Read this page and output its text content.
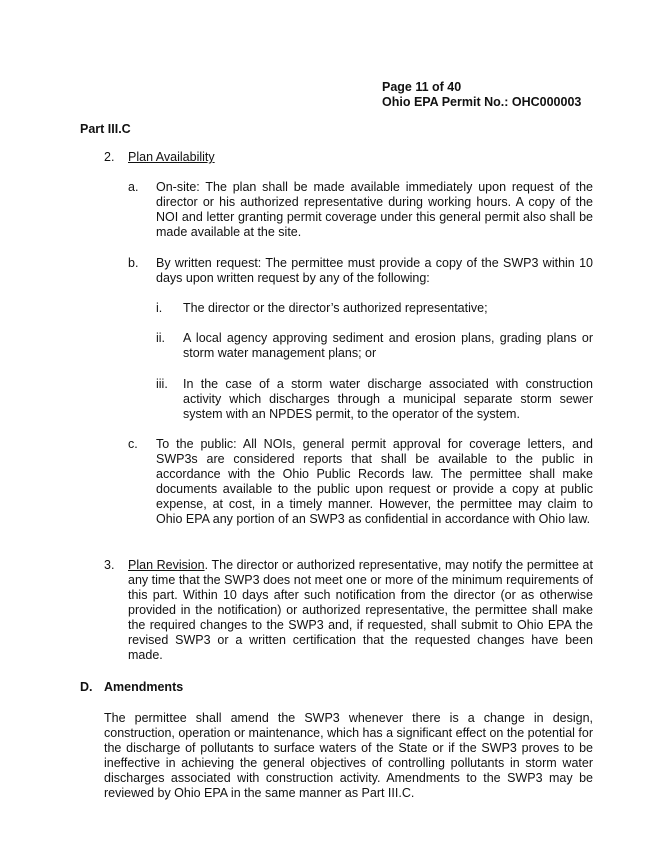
Page 11 of 40
Ohio EPA Permit No.: OHC000003
Part III.C
2. Plan Availability
a. On-site: The plan shall be made available immediately upon request of the director or his authorized representative during working hours. A copy of the NOI and letter granting permit coverage under this general permit also shall be made available at the site.
b. By written request: The permittee must provide a copy of the SWP3 within 10 days upon written request by any of the following:
i. The director or the director’s authorized representative;
ii. A local agency approving sediment and erosion plans, grading plans or storm water management plans; or
iii. In the case of a storm water discharge associated with construction activity which discharges through a municipal separate storm sewer system with an NPDES permit, to the operator of the system.
c. To the public: All NOIs, general permit approval for coverage letters, and SWP3s are considered reports that shall be available to the public in accordance with the Ohio Public Records law. The permittee shall make documents available to the public upon request or provide a copy at public expense, at cost, in a timely manner. However, the permittee may claim to Ohio EPA any portion of an SWP3 as confidential in accordance with Ohio law.
3. Plan Revision. The director or authorized representative, may notify the permittee at any time that the SWP3 does not meet one or more of the minimum requirements of this part. Within 10 days after such notification from the director (or as otherwise provided in the notification) or authorized representative, the permittee shall make the required changes to the SWP3 and, if requested, shall submit to Ohio EPA the revised SWP3 or a written certification that the requested changes have been made.
D. Amendments
The permittee shall amend the SWP3 whenever there is a change in design, construction, operation or maintenance, which has a significant effect on the potential for the discharge of pollutants to surface waters of the State or if the SWP3 proves to be ineffective in achieving the general objectives of controlling pollutants in storm water discharges associated with construction activity. Amendments to the SWP3 may be reviewed by Ohio EPA in the same manner as Part III.C.
